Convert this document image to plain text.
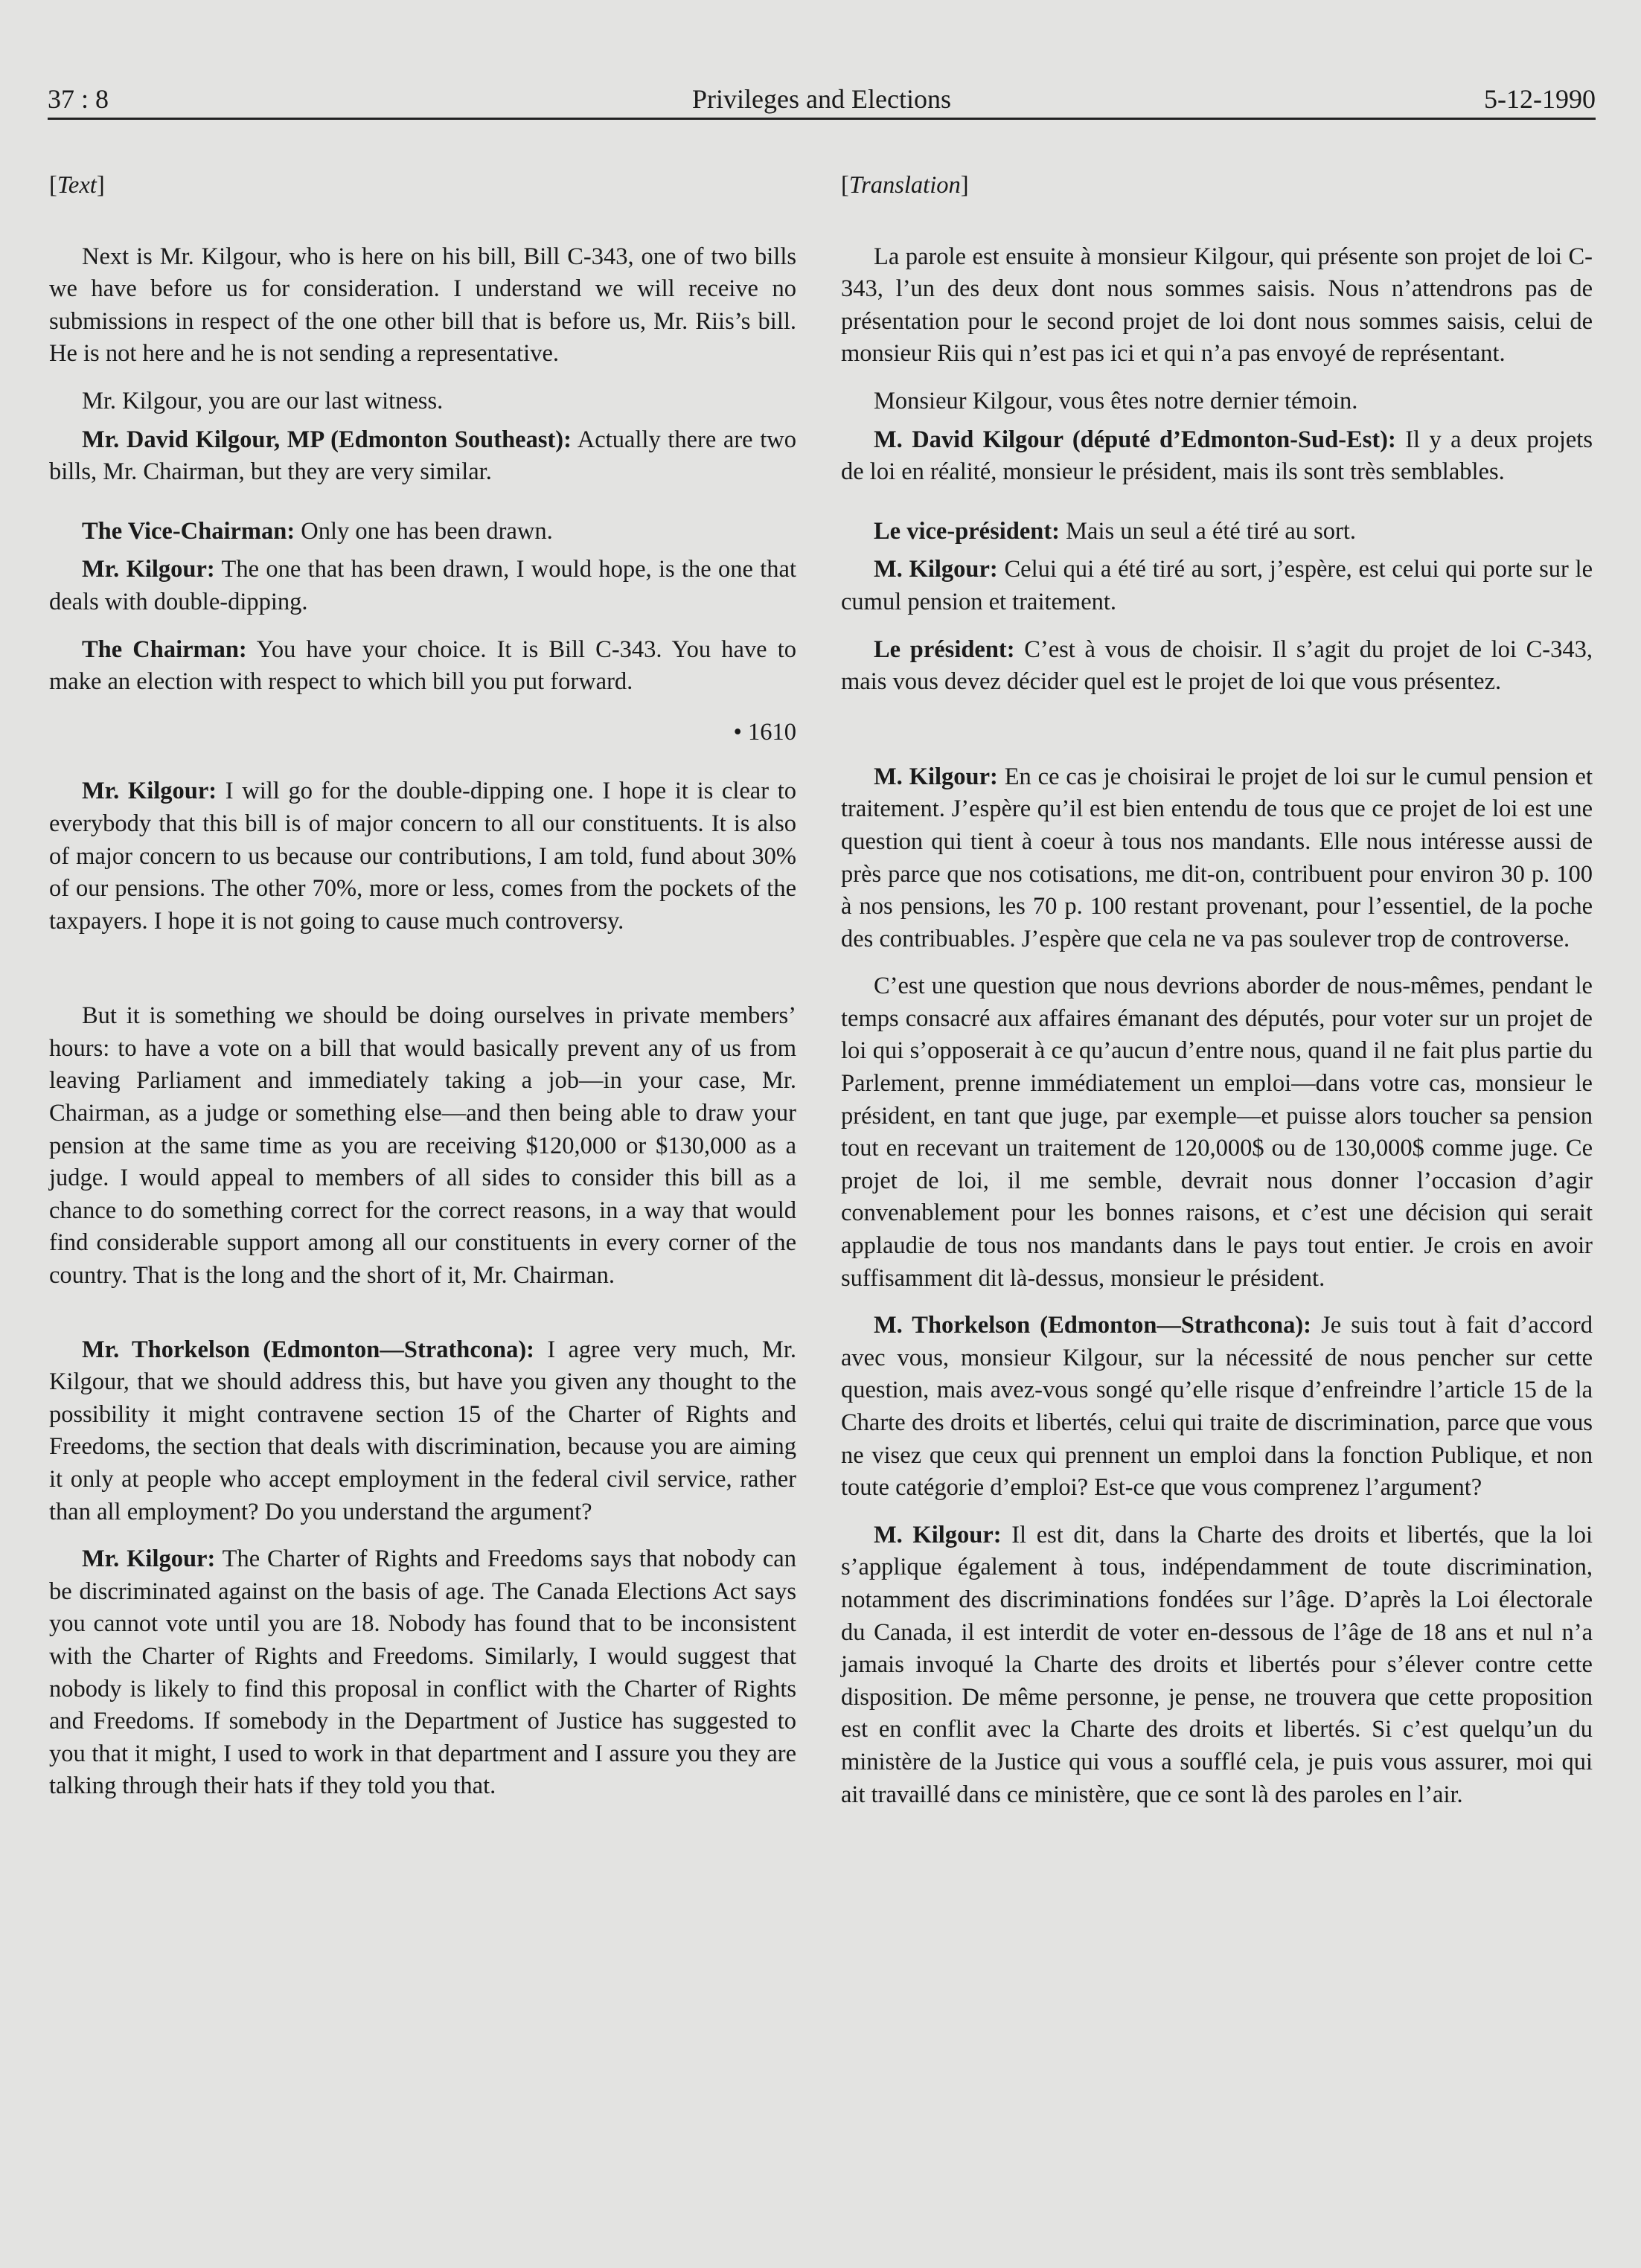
37 : 8	Privileges and Elections	5-12-1990

[Text]

Next is Mr. Kilgour, who is here on his bill, Bill C-343, one of two bills we have before us for consideration. I understand we will receive no submissions in respect of the one other bill that is before us, Mr. Riis’s bill. He is not here and he is not sending a representative.

Mr. Kilgour, you are our last witness.

Mr. David Kilgour, MP (Edmonton Southeast): Actually there are two bills, Mr. Chairman, but they are very similar.

The Vice-Chairman: Only one has been drawn.

Mr. Kilgour: The one that has been drawn, I would hope, is the one that deals with double-dipping.

The Chairman: You have your choice. It is Bill C-343. You have to make an election with respect to which bill you put forward.

• 1610

Mr. Kilgour: I will go for the double-dipping one. I hope it is clear to everybody that this bill is of major concern to all our constituents. It is also of major concern to us because our contributions, I am told, fund about 30% of our pensions. The other 70%, more or less, comes from the pockets of the taxpayers. I hope it is not going to cause much controversy.

But it is something we should be doing ourselves in private members’ hours: to have a vote on a bill that would basically prevent any of us from leaving Parliament and immediately taking a job—in your case, Mr. Chairman, as a judge or something else—and then being able to draw your pension at the same time as you are receiving $120,000 or $130,000 as a judge. I would appeal to members of all sides to consider this bill as a chance to do something correct for the correct reasons, in a way that would find considerable support among all our constituents in every corner of the country. That is the long and the short of it, Mr. Chairman.

Mr. Thorkelson (Edmonton—Strathcona): I agree very much, Mr. Kilgour, that we should address this, but have you given any thought to the possibility it might contravene section 15 of the Charter of Rights and Freedoms, the section that deals with discrimination, because you are aiming it only at people who accept employment in the federal civil service, rather than all employment? Do you understand the argument?

Mr. Kilgour: The Charter of Rights and Freedoms says that nobody can be discriminated against on the basis of age. The Canada Elections Act says you cannot vote until you are 18. Nobody has found that to be inconsistent with the Charter of Rights and Freedoms. Similarly, I would suggest that nobody is likely to find this proposal in conflict with the Charter of Rights and Freedoms. If somebody in the Department of Justice has suggested to you that it might, I used to work in that department and I assure you they are talking through their hats if they told you that.

[Translation]

La parole est ensuite à monsieur Kilgour, qui présente son projet de loi C-343, l’un des deux dont nous sommes saisis. Nous n’attendrons pas de présentation pour le second projet de loi dont nous sommes saisis, celui de monsieur Riis qui n’est pas ici et qui n’a pas envoyé de représentant.

Monsieur Kilgour, vous êtes notre dernier témoin.

M. David Kilgour (député d’Edmonton-Sud-Est): Il y a deux projets de loi en réalité, monsieur le président, mais ils sont très semblables.

Le vice-président: Mais un seul a été tiré au sort.

M. Kilgour: Celui qui a été tiré au sort, j’espère, est celui qui porte sur le cumul pension et traitement.

Le président: C’est à vous de choisir. Il s’agit du projet de loi C-343, mais vous devez décider quel est le projet de loi que vous présentez.

M. Kilgour: En ce cas je choisirai le projet de loi sur le cumul pension et traitement. J’espère qu’il est bien entendu de tous que ce projet de loi est une question qui tient à coeur à tous nos mandants. Elle nous intéresse aussi de près parce que nos cotisations, me dit-on, contribuent pour environ 30 p. 100 à nos pensions, les 70 p. 100 restant provenant, pour l’essentiel, de la poche des contribuables. J’espère que cela ne va pas soulever trop de controverse.

C’est une question que nous devrions aborder de nous-mêmes, pendant le temps consacré aux affaires émanant des députés, pour voter sur un projet de loi qui s’opposerait à ce qu’aucun d’entre nous, quand il ne fait plus partie du Parlement, prenne immédiatement un emploi—dans votre cas, monsieur le président, en tant que juge, par exemple—et puisse alors toucher sa pension tout en recevant un traitement de 120,000$ ou de 130,000$ comme juge. Ce projet de loi, il me semble, devrait nous donner l’occasion d’agir convenablement pour les bonnes raisons, et c’est une décision qui serait applaudie de tous nos mandants dans le pays tout entier. Je crois en avoir suffisamment dit là-dessus, monsieur le président.

M. Thorkelson (Edmonton—Strathcona): Je suis tout à fait d’accord avec vous, monsieur Kilgour, sur la nécessité de nous pencher sur cette question, mais avez-vous songé qu’elle risque d’enfreindre l’article 15 de la Charte des droits et libertés, celui qui traite de discrimination, parce que vous ne visez que ceux qui prennent un emploi dans la fonction Publique, et non toute catégorie d’emploi? Est-ce que vous comprenez l’argument?

M. Kilgour: Il est dit, dans la Charte des droits et libertés, que la loi s’applique également à tous, indépendamment de toute discrimination, notamment des discriminations fondées sur l’âge. D’après la Loi électorale du Canada, il est interdit de voter en-dessous de l’âge de 18 ans et nul n’a jamais invoqué la Charte des droits et libertés pour s’élever contre cette disposition. De même personne, je pense, ne trouvera que cette proposition est en conflit avec la Charte des droits et libertés. Si c’est quelqu’un du ministère de la Justice qui vous a soufflé cela, je puis vous assurer, moi qui ait travaillé dans ce ministère, que ce sont là des paroles en l’air.
